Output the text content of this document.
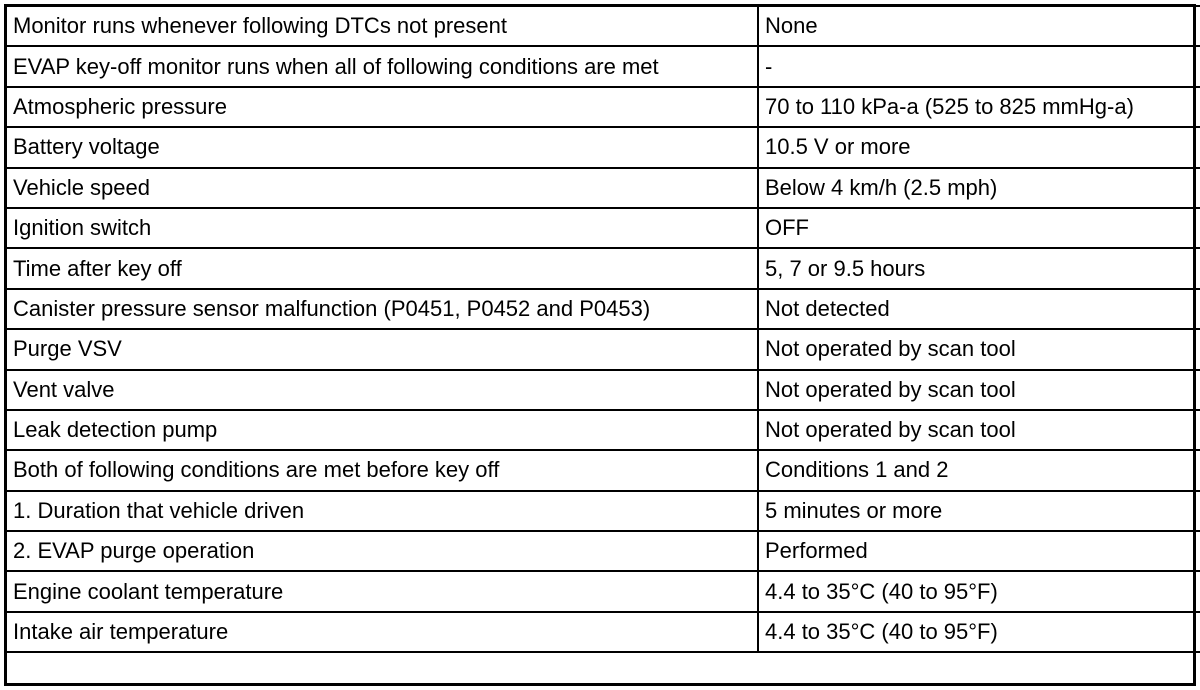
Monitor runs whenever following DTCs not present	None
EVAP key-off monitor runs when all of following conditions are met	-
Atmospheric pressure	70 to 110 kPa-a (525 to 825 mmHg-a)
Battery voltage	10.5 V or more
Vehicle speed	Below 4 km/h (2.5 mph)
Ignition switch	OFF
Time after key off	5, 7 or 9.5 hours
Canister pressure sensor malfunction (P0451, P0452 and P0453)	Not detected
Purge VSV	Not operated by scan tool
Vent valve	Not operated by scan tool
Leak detection pump	Not operated by scan tool
Both of following conditions are met before key off	Conditions 1 and 2
1. Duration that vehicle driven	5 minutes or more
2. EVAP purge operation	Performed
Engine coolant temperature	4.4 to 35°C (40 to 95°F)
Intake air temperature	4.4 to 35°C (40 to 95°F)
